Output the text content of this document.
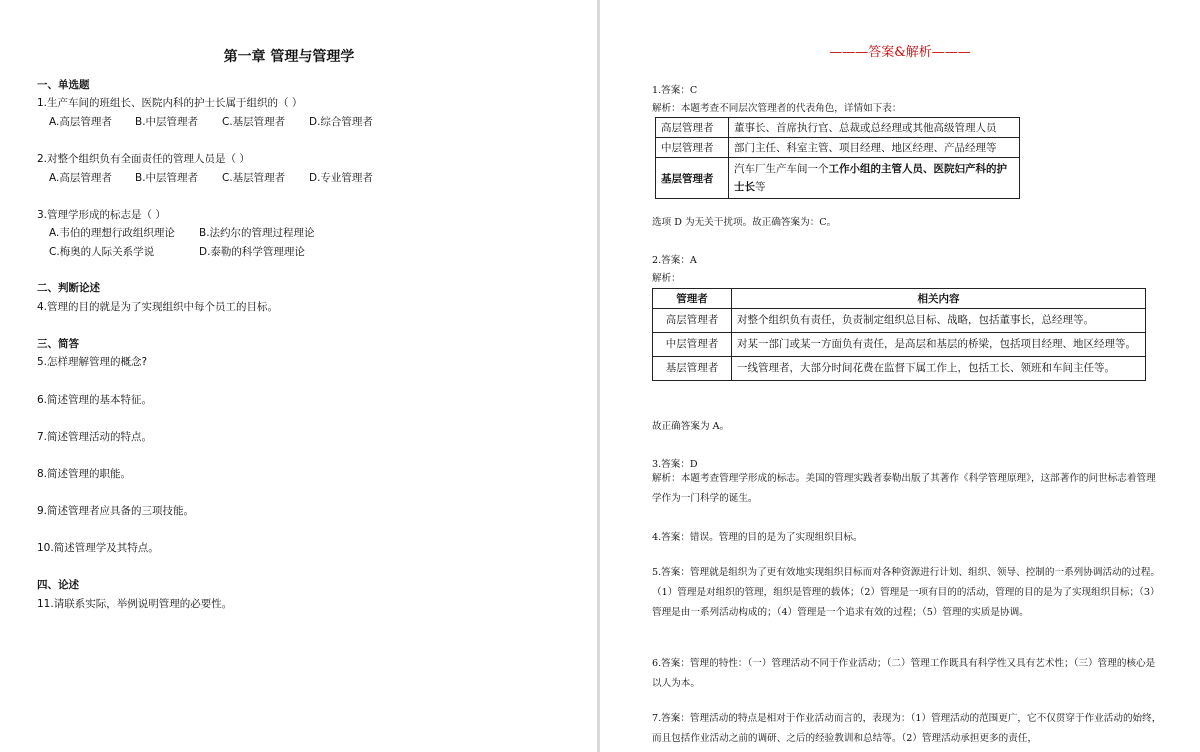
第一章 管理与管理学
一、单选题
1.生产车间的班组长、医院内科的护士长属于组织的（ ）
A.高层管理者 B.中层管理者 C.基层管理者 D.综合管理者
2.对整个组织负有全面责任的管理人员是（ ）
A.高层管理者 B.中层管理者 C.基层管理者 D.专业管理者
3.管理学形成的标志是（ ）
A.韦伯的理想行政组织理论 B.法约尔的管理过程理论
C.梅奥的人际关系学说	D.泰勒的科学管理理论
二、判断论述
4.管理的目的就是为了实现组织中每个员工的目标。
三、简答
5.怎样理解管理的概念?
6.简述管理的基本特征。
7.简述管理活动的特点。
8.简述管理的职能。
9.简述管理者应具备的三项技能。
10.简述管理学及其特点。
四、论述
11.请联系实际，举例说明管理的必要性。
———答案&解析———
1.答案：C
解析：本题考查不同层次管理者的代表角色，详情如下表：
高层管理者	董事长、首席执行官、总裁或总经理或其他高级管理人员
中层管理者	部门主任、科室主管、项目经理、地区经理、产品经理等
基层管理者	汽车厂生产车间一个工作小组的主管人员、医院妇产科的护士长等
选项 D 为无关干扰项。故正确答案为：C。
2.答案：A
解析：
管理者	相关内容
高层管理者	对整个组织负有责任，负责制定组织总目标、战略，包括董事长，总经理等。
中层管理者	对某一部门或某一方面负有责任，是高层和基层的桥梁，包括项目经理、地区经理等。
基层管理者	一线管理者，大部分时间花费在监督下属工作上，包括工长、领班和车间主任等。
故正确答案为 A。
3.答案：D
解析：本题考查管理学形成的标志。美国的管理实践者泰勒出版了其著作《科学管理原理》，这部著作的问世标志着管理学作为一门科学的诞生。
4.答案：错误。管理的目的是为了实现组织目标。
5.答案：管理就是组织为了更有效地实现组织目标而对各种资源进行计划、组织、领导、控制的一系列协调活动的过程。（1）管理是对组织的管理，组织是管理的载体；（2）管理是一项有目的的活动，管理的目的是为了实现组织目标；（3）管理是由一系列活动构成的；（4）管理是一个追求有效的过程；（5）管理的实质是协调。
6.答案：管理的特性：（一）管理活动不同于作业活动；（二）管理工作既具有科学性又具有艺术性；（三）管理的核心是以人为本。
7.答案：管理活动的特点是相对于作业活动而言的，表现为：（1）管理活动的范围更广，它不仅贯穿于作业活动的始终，而且包括作业活动之前的调研、之后的经验教训和总结等。（2）管理活动承担更多的责任，
